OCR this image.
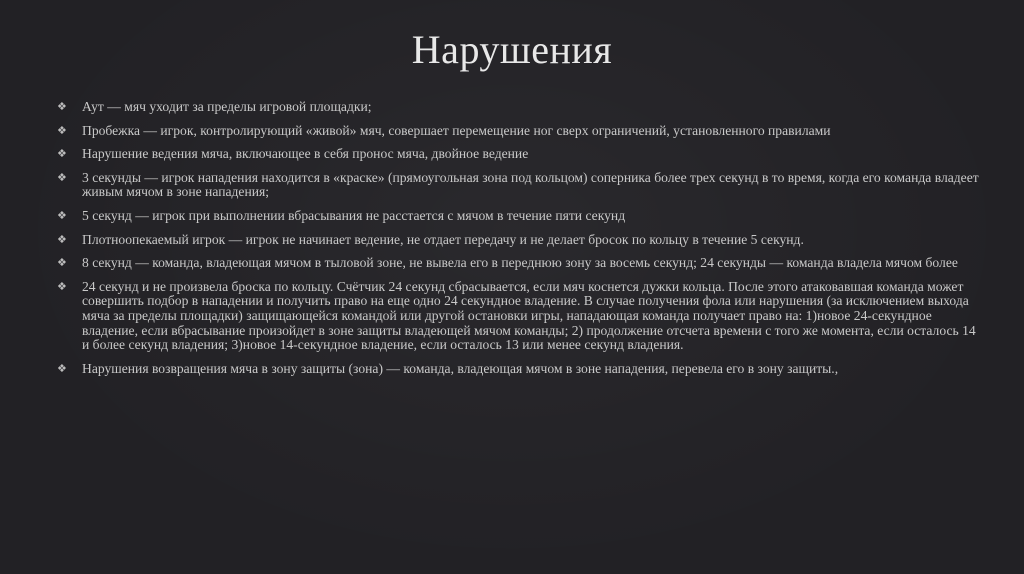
Нарушения
❖ Аут — мяч уходит за пределы игровой площадки;
❖ Пробежка — игрок, контролирующий «живой» мяч, совершает перемещение ног сверх ограничений, установленного правилами
❖ Нарушение ведения мяча, включающее в себя пронос мяча, двойное ведение
❖ 3 секунды — игрок нападения находится в «краске» (прямоугольная зона под кольцом) соперника более трех секунд в то время, когда его команда владеет живым мячом в зоне нападения;
❖ 5 секунд — игрок при выполнении вбрасывания не расстается с мячом в течение пяти секунд
❖ Плотноопекаемый игрок — игрок не начинает ведение, не отдает передачу и не делает бросок по кольцу в течение 5 секунд.
❖ 8 секунд — команда, владеющая мячом в тыловой зоне, не вывела его в переднюю зону за восемь секунд; 24 секунды — команда владела мячом более
❖ 24 секунд и не произвела броска по кольцу. Счётчик 24 секунд сбрасывается, если мяч коснется дужки кольца. После этого атаковавшая команда может совершить подбор в нападении и получить право на еще одно 24 секундное владение. В случае получения фола или нарушения (за исключением выхода мяча за пределы площадки) защищающейся командой или другой остановки игры, нападающая команда получает право на: 1)новое 24-секундное владение, если вбрасывание произойдет в зоне защиты владеющей мячом команды; 2) продолжение отсчета времени с того же момента, если осталось 14 и более секунд владения; 3)новое 14-секундное владение, если осталось 13 или менее секунд владения.
❖ Нарушения возвращения мяча в зону защиты (зона) — команда, владеющая мячом в зоне нападения, перевела его в зону защиты.,
